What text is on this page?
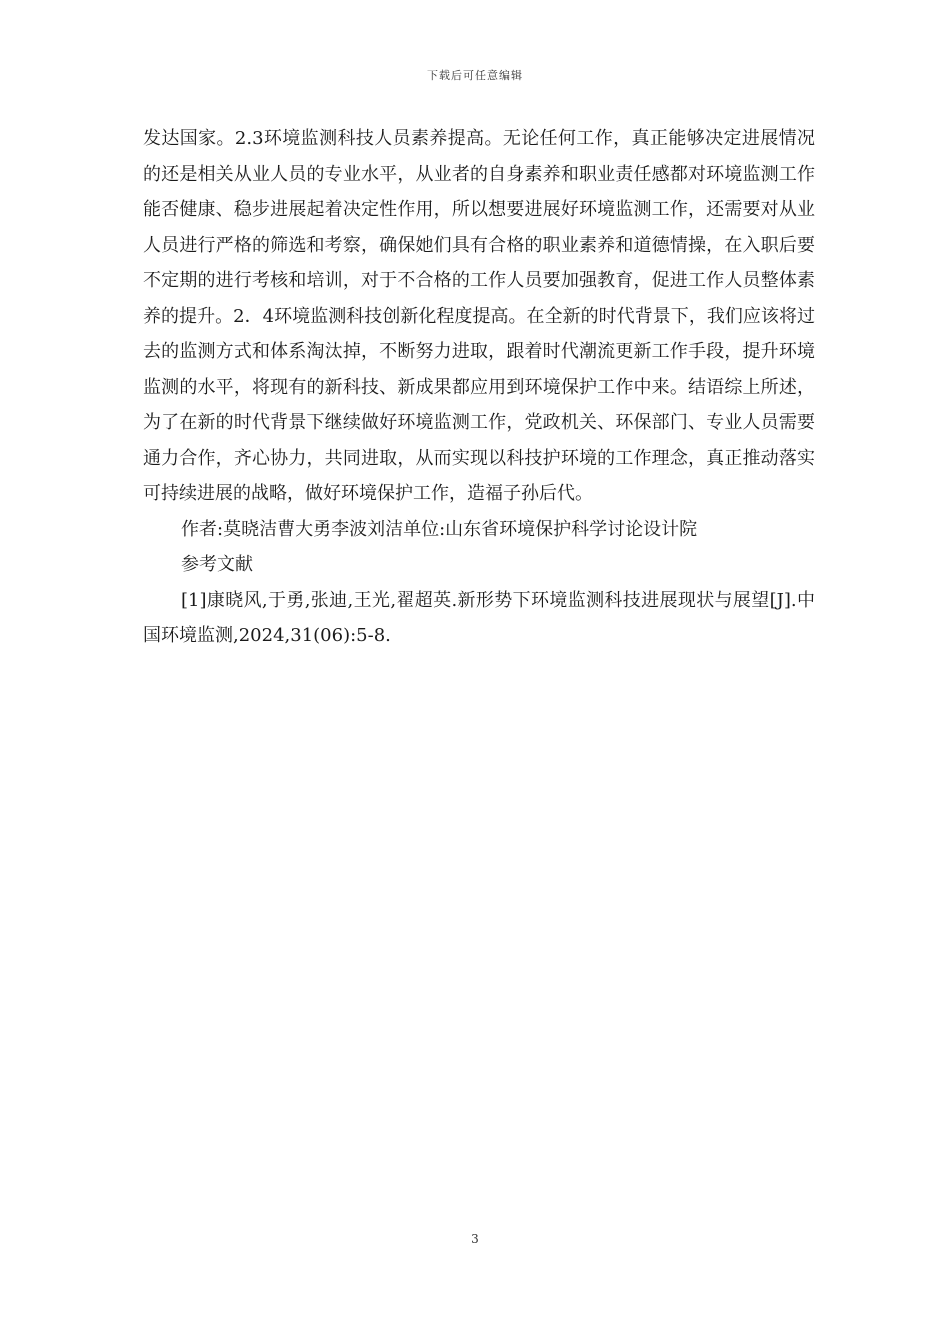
下载后可任意编辑

发达国家。2.3环境监测科技人员素养提高。无论任何工作，真正能够决定进展情况的还是相关从业人员的专业水平，从业者的自身素养和职业责任感都对环境监测工作能否健康、稳步进展起着决定性作用，所以想要进展好环境监测工作，还需要对从业人员进行严格的筛选和考察，确保她们具有合格的职业素养和道德情操，在入职后要不定期的进行考核和培训，对于不合格的工作人员要加强教育，促进工作人员整体素养的提升。2．4环境监测科技创新化程度提高。在全新的时代背景下，我们应该将过去的监测方式和体系淘汰掉，不断努力进取，跟着时代潮流更新工作手段，提升环境监测的水平，将现有的新科技、新成果都应用到环境保护工作中来。结语综上所述，为了在新的时代背景下继续做好环境监测工作，党政机关、环保部门、专业人员需要通力合作，齐心协力，共同进取，从而实现以科技护环境的工作理念，真正推动落实可持续进展的战略，做好环境保护工作，造福子孙后代。

作者:莫晓洁曹大勇李波刘洁单位:山东省环境保护科学讨论设计院

参考文献

[1]康晓风,于勇,张迪,王光,翟超英.新形势下环境监测科技进展现状与展望[J].中国环境监测,2024,31(06):5-8.

3
